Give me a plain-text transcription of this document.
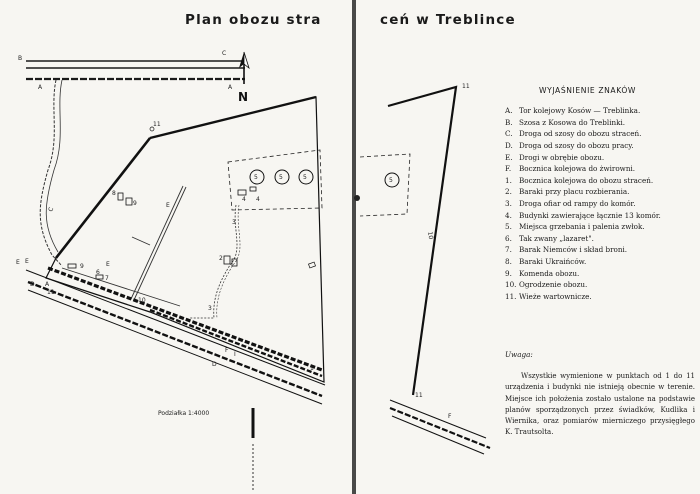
Plan obozu stra	ceń w Treblince
B
C
A	A
N
C
11
E
E
E
8
9
9
7
6
5	5	5
4 4
3
3
2
10
1
E
D A
11
F
D
I
11
10
5
11
F
Podziałka 1:4000
WYJAŚNIENIE ZNAKÓW
A. Tor kolejowy Kosów — Treblinka.
B. Szosa z Kosowa do Treblinki.
C. Droga od szosy do obozu straceń.
D. Droga od szosy do obozu pracy.
E. Drogi w obrębie obozu.
F.	Bocznica kolejowa do żwirowni.
1. Bocznica kolejowa do obozu straceń.
2. Baraki przy placu rozbierania.
3. Droga ofiar od rampy do komór.
4. Budynki zawierające łącznie 13 komór.
5. Miejsca grzebania i palenia zwłok.
6. Tak zwany „lazaret".
7. Barak Niemców i skład broni.
8. Baraki Ukraińców.
9. Komenda obozu.
10. Ogrodzenie obozu.
11. Wieże wartownicze.
Uwaga:
Wszystkie wymienione w punktach od 1 do 11 urządzenia i budynki nie istnieją obecnie w terenie. Miejsce ich położenia zostało ustalone na podstawie planów sporządzonych przez świadków, Kudlika i Wiernika, oraz pomiarów mierniczego przysięgłego K. Trautsolta.
